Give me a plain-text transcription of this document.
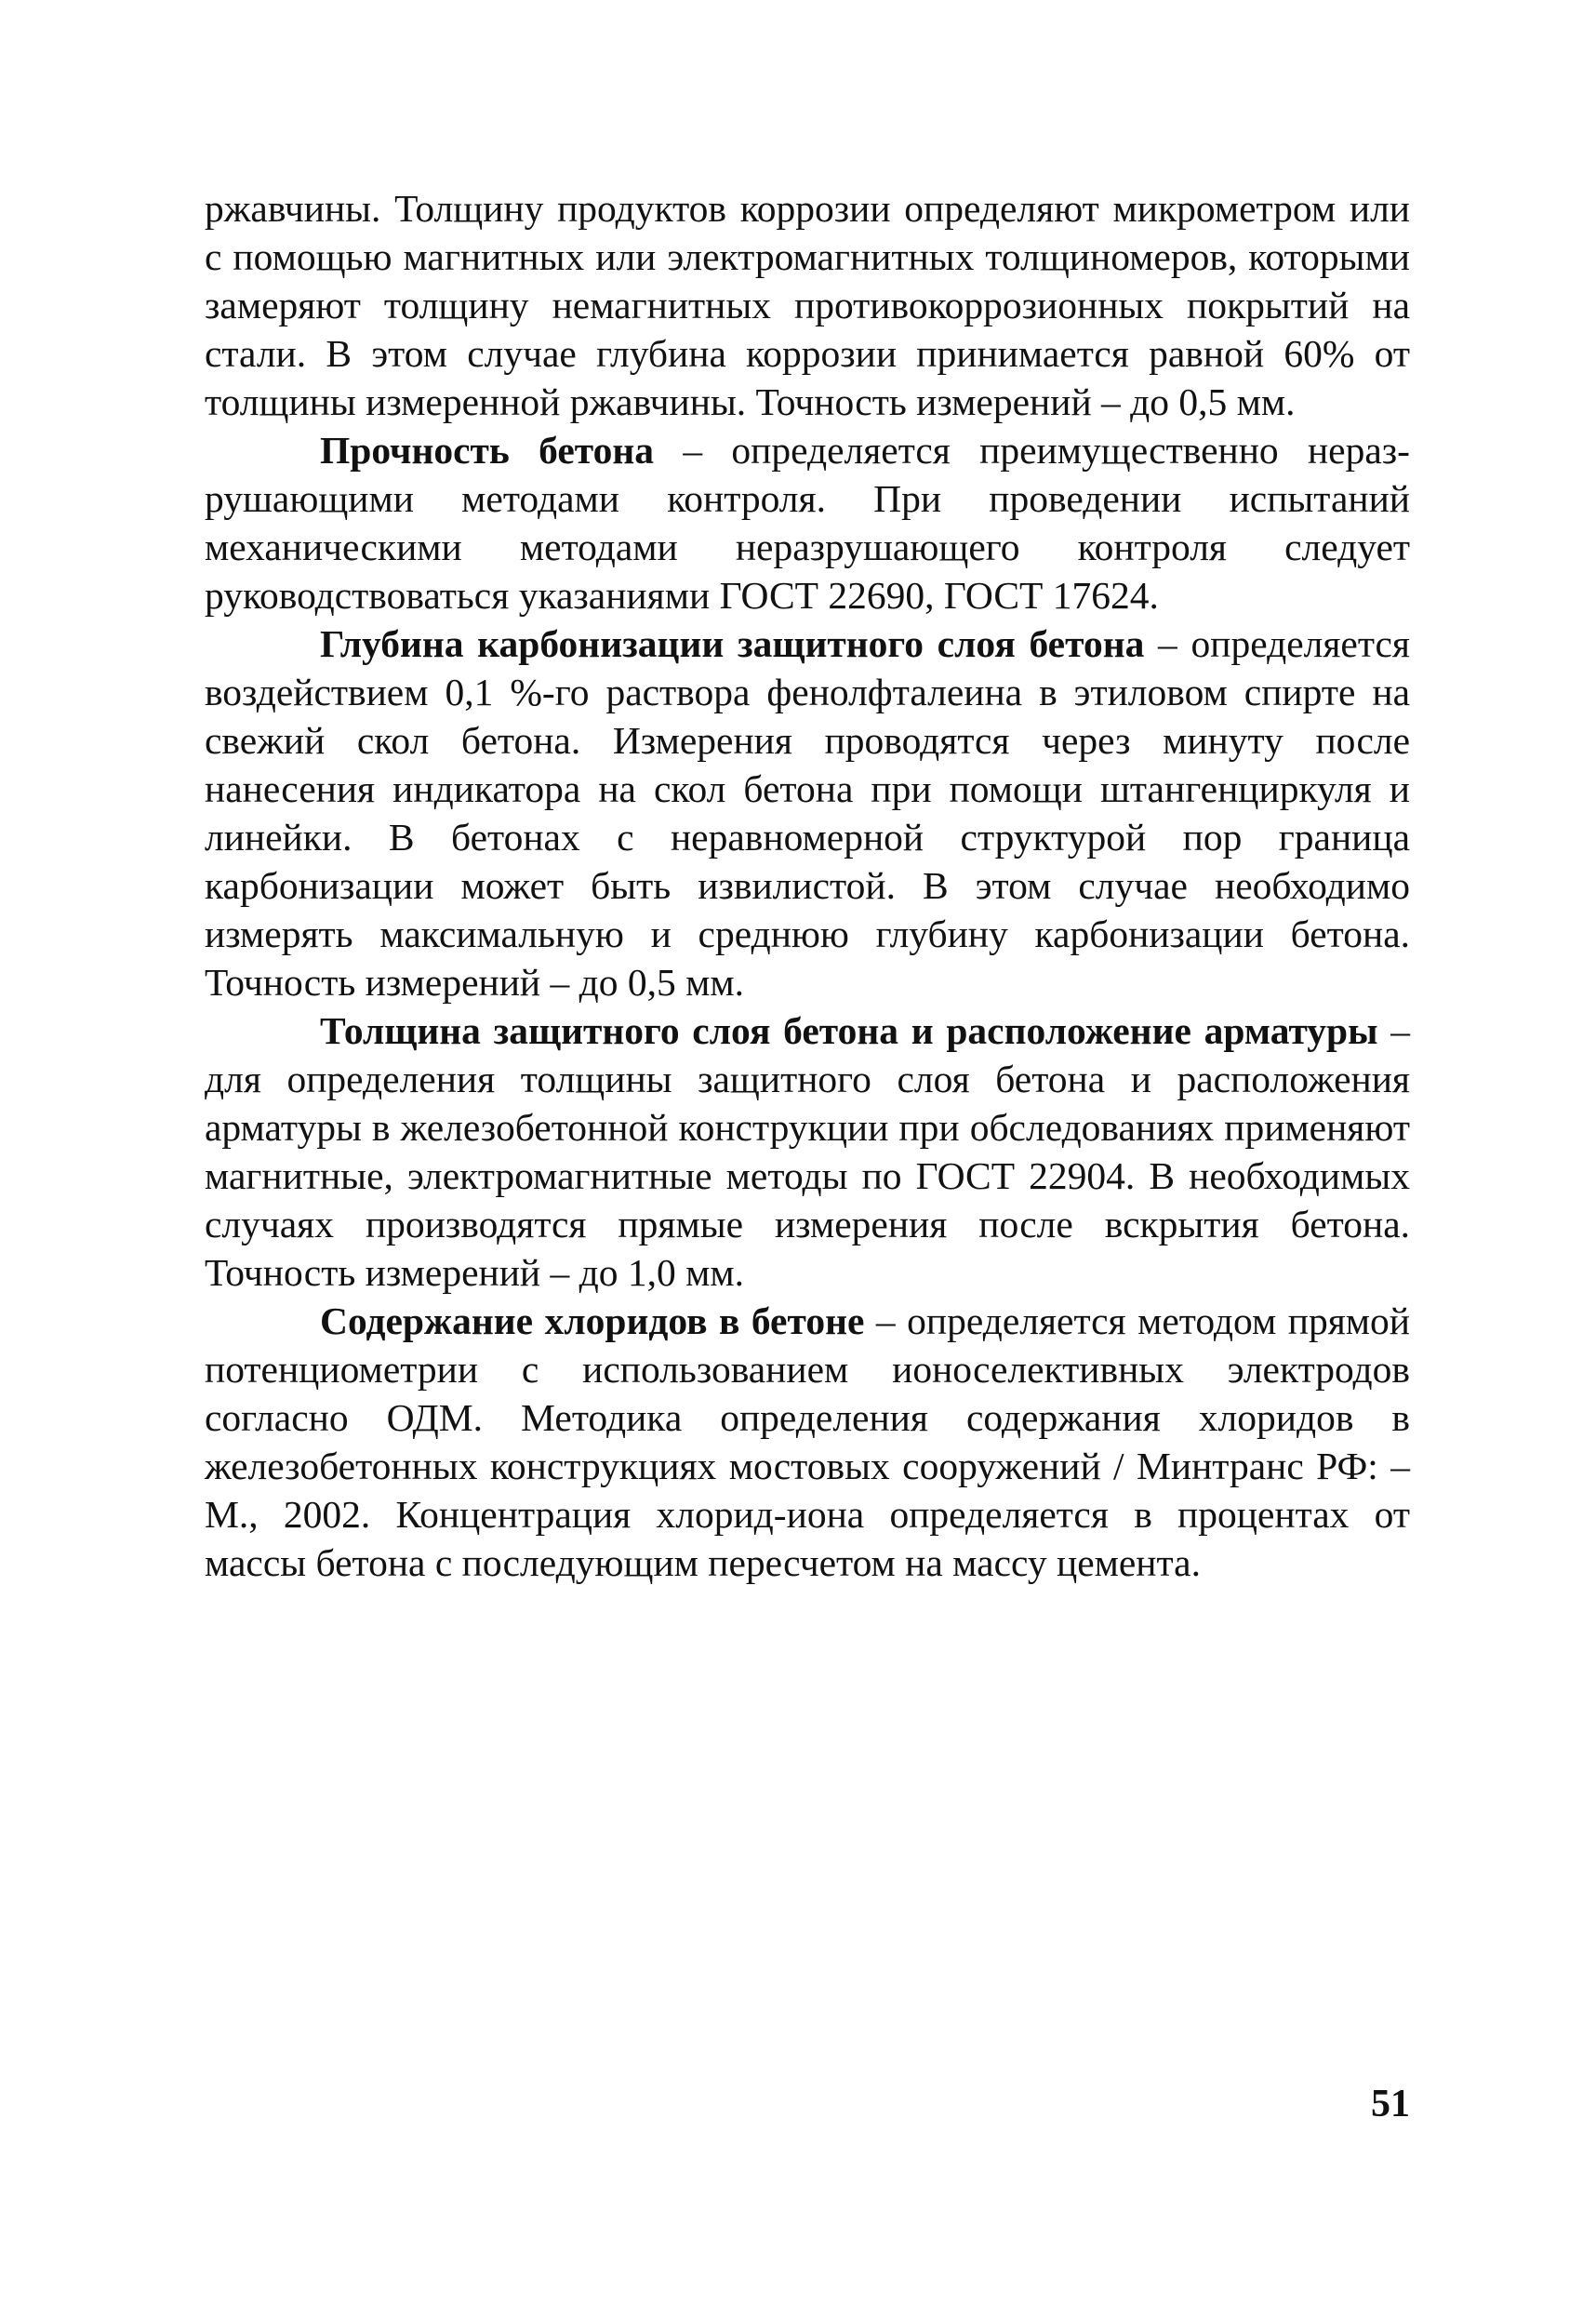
ржавчины. Толщину продуктов коррозии определяют микрометром или с помощью магнитных или электромагнитных толщиномеров, которыми замеряют толщину немагнитных противокоррозионных покрытий на стали. В этом случае глубина коррозии принимается равной 60% от толщины измеренной ржавчины. Точность измерений – до 0,5 мм.

Прочность бетона – определяется преимущественно неразрушающими методами контроля. При проведении испытаний механическими методами неразрушающего контроля следует руководствоваться указаниями ГОСТ 22690, ГОСТ 17624.

Глубина карбонизации защитного слоя бетона – определяется воздействием 0,1 %-го раствора фенолфталеина в этиловом спирте на свежий скол бетона. Измерения проводятся через минуту после нанесения индикатора на скол бетона при помощи штангенциркуля и линейки. В бетонах с неравномерной структурой пор граница карбонизации может быть извилистой. В этом случае необходимо измерять максимальную и среднюю глубину карбонизации бетона. Точность измерений – до 0,5 мм.

Толщина защитного слоя бетона и расположение арматуры – для определения толщины защитного слоя бетона и расположения арматуры в железобетонной конструкции при обследованиях применяют магнитные, электромагнитные методы по ГОСТ 22904. В необходимых случаях производятся прямые измерения после вскрытия бетона. Точность измерений – до 1,0 мм.

Содержание хлоридов в бетоне – определяется методом прямой потенциометрии с использованием ионоселективных электродов согласно ОДМ. Методика определения содержания хлоридов в железобетонных конструкциях мостовых сооружений / Минтранс РФ: – М., 2002. Концентрация хлорид-иона определяется в процентах от массы бетона с последующим пересчетом на массу цемента.

51
